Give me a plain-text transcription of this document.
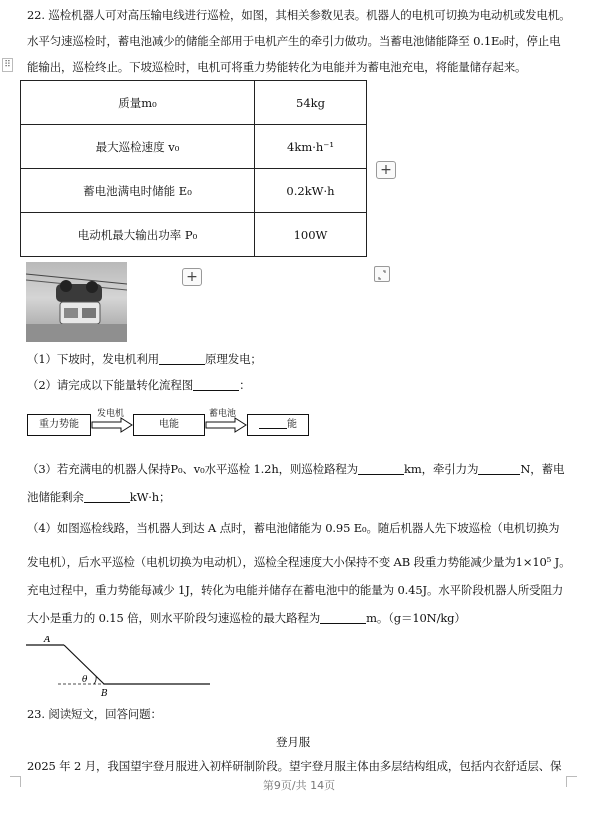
⠿
22. 巡检机器人可对高压输电线进行巡检，如图，其相关参数见表。机器人的电机可切换为电动机或发电机。
水平匀速巡检时，蓄电池减少的储能全部用于电机产生的牵引力做功。当蓄电池储能降至 0.1E₀时，停止电
能输出，巡检终止。下坡巡检时，电机可将重力势能转化为电能并为蓄电池充电，将能量储存起来。
质量m₀	54kg
最大巡检速度 v₀	4km·h⁻¹
蓄电池满电时储能 E₀	0.2kW·h
电动机最大输出功率 P₀	100W
+
+
（1）下坡时，发电机利用	原理发电；
（2）请完成以下能量转化流程图	：
重力势能
发电机
电能
蓄电池
能
（3）若充满电的机器人保持P₀、v₀水平巡检 1.2h，则巡检路程为	km，牵引力为	N，蓄电
池储能剩余	kW·h；
（4）如图巡检线路，当机器人到达 A 点时，蓄电池储能为 0.95 E₀。随后机器人先下坡巡检（电机切换为
发电机），后水平巡检（电机切换为电动机），巡检全程速度大小保持不变 AB 段重力势能减少量为1×10⁵ J。
充电过程中，重力势能每减少 1J，转化为电能并储存在蓄电池中的能量为 0.45J。水平阶段机器人所受阻力
大小是重力的 0.15 倍，则水平阶段匀速巡检的最大路程为	m。（g＝10N/kg）
A
B
θ
23. 阅读短文，回答问题：
登月服
2025 年 2 月，我国望宇登月服进入初样研制阶段。望宇登月服主体由多层结构组成，包括内衣舒适层、保
第9页/共 14页
